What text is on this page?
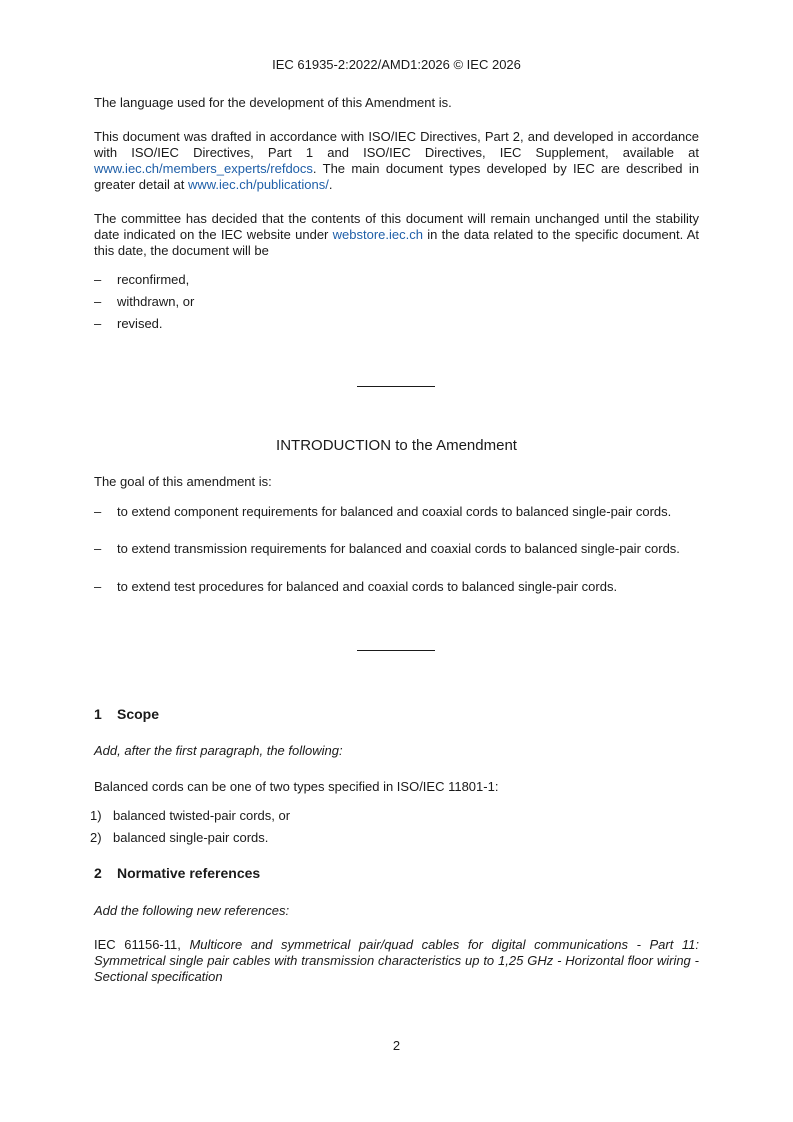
IEC 61935-2:2022/AMD1:2026 © IEC 2026

The language used for the development of this Amendment is.

This document was drafted in accordance with ISO/IEC Directives, Part 2, and developed in accordance with ISO/IEC Directives, Part 1 and ISO/IEC Directives, IEC Supplement, available at www.iec.ch/members_experts/refdocs. The main document types developed by IEC are described in greater detail at www.iec.ch/publications/.

The committee has decided that the contents of this document will remain unchanged until the stability date indicated on the IEC website under webstore.iec.ch in the data related to the specific document. At this date, the document will be

– reconfirmed,
– withdrawn, or
– revised.

INTRODUCTION to the Amendment

The goal of this amendment is:

– to extend component requirements for balanced and coaxial cords to balanced single-pair cords.
– to extend transmission requirements for balanced and coaxial cords to balanced single-pair cords.
– to extend test procedures for balanced and coaxial cords to balanced single-pair cords.

1 Scope

Add, after the first paragraph, the following:

Balanced cords can be one of two types specified in ISO/IEC 11801-1:

1) balanced twisted-pair cords, or

2) balanced single-pair cords.

2 Normative references

Add the following new references:

IEC 61156-11, Multicore and symmetrical pair/quad cables for digital communications - Part 11: Symmetrical single pair cables with transmission characteristics up to 1,25 GHz - Horizontal floor wiring - Sectional specification

2
